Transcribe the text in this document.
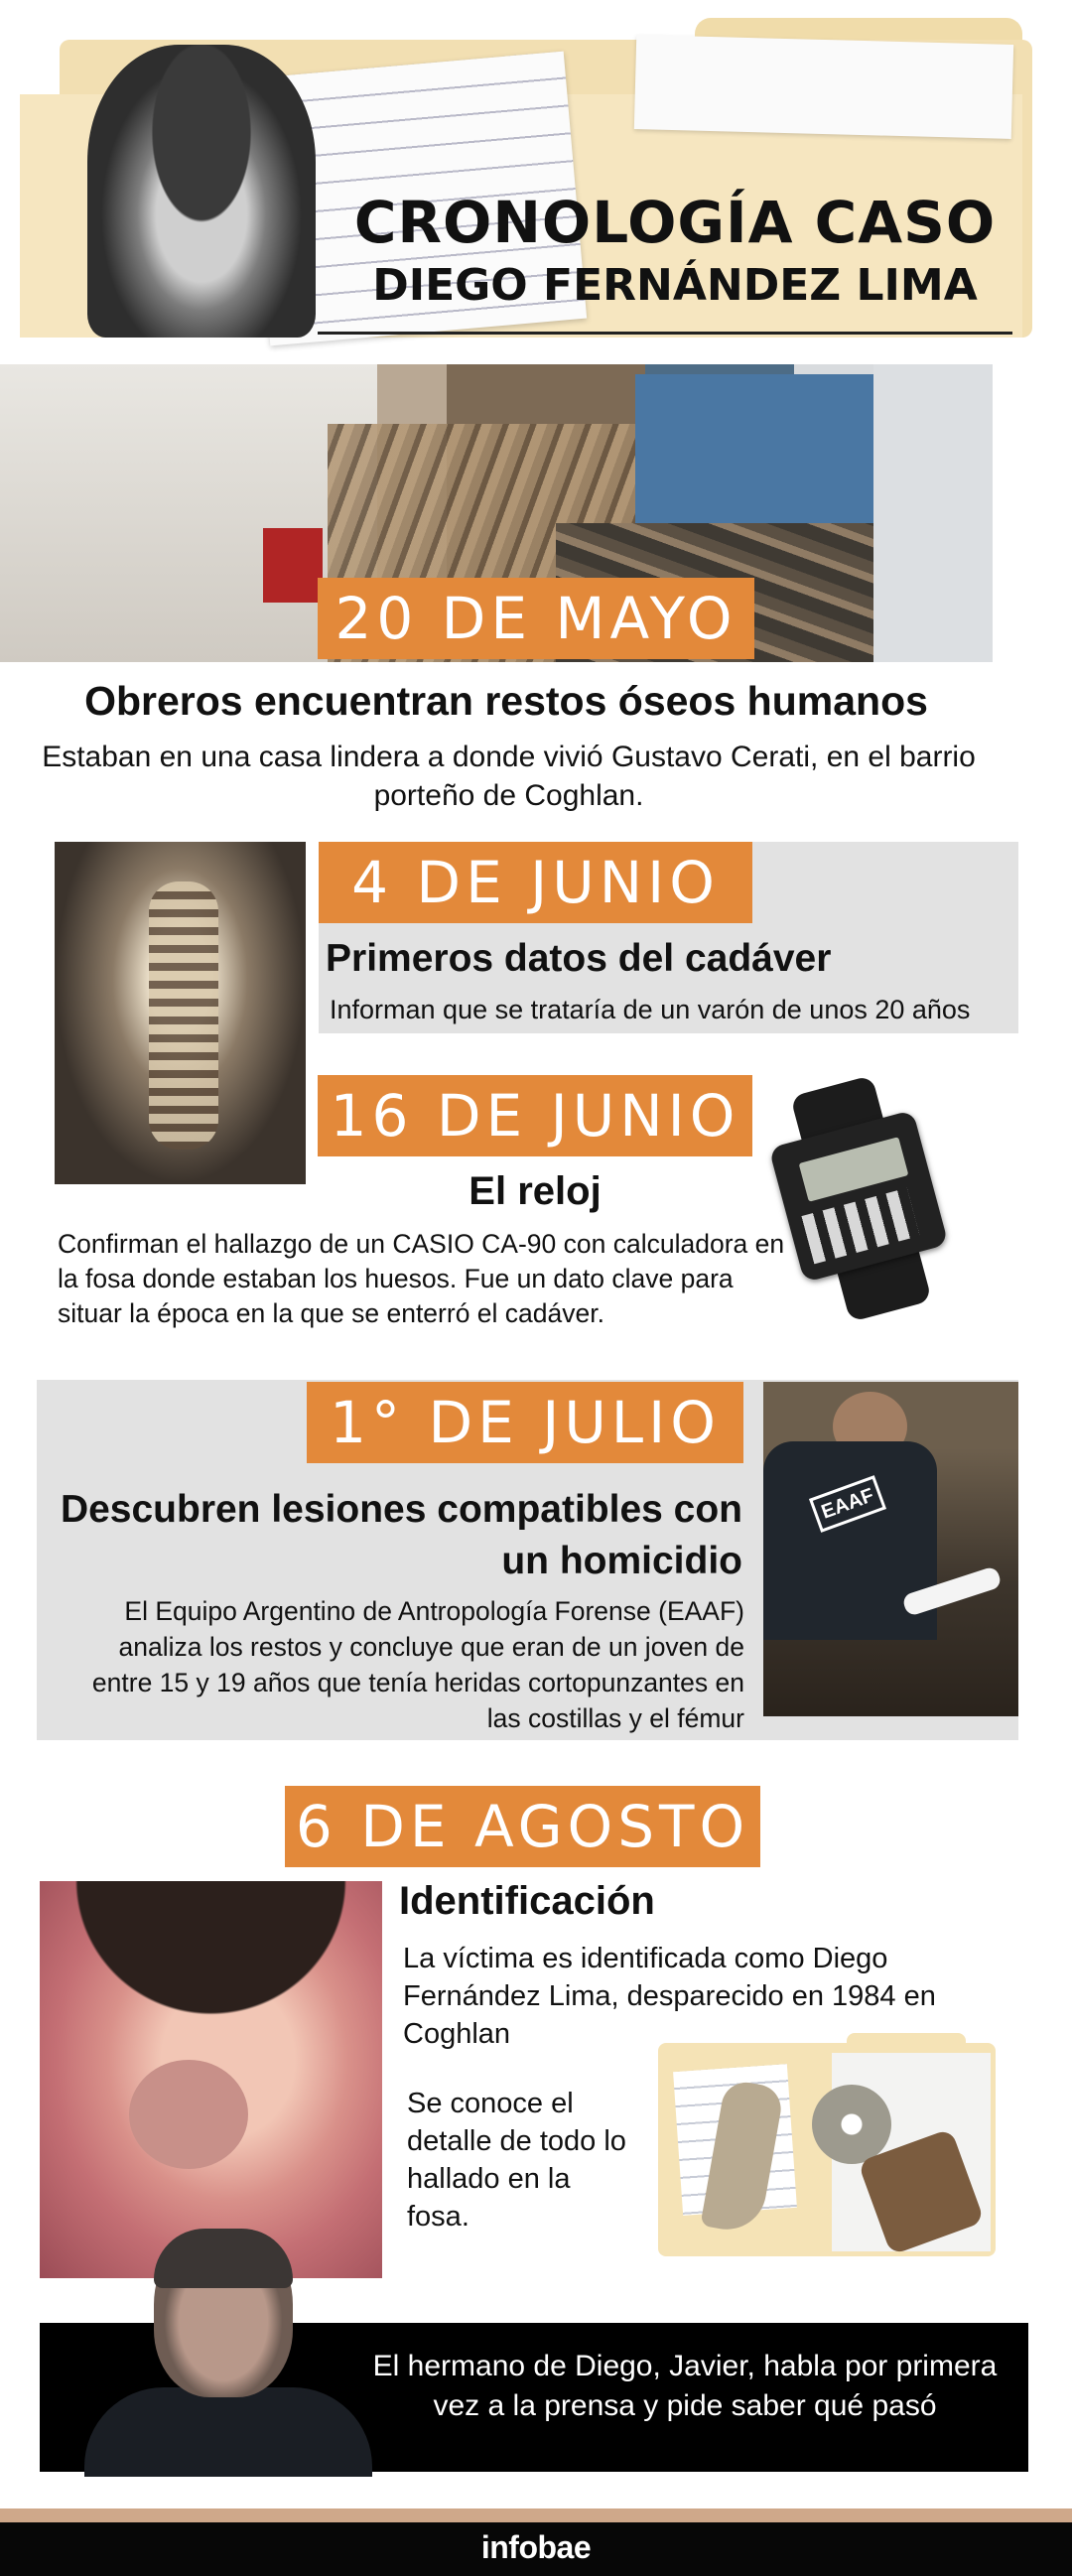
CRONOLOGÍA CASO
DIEGO FERNÁNDEZ LIMA
20 DE MAYO
Obreros encuentran restos óseos humanos
Estaban en una casa lindera a donde vivió Gustavo Cerati, en el barrio porteño de Coghlan.
4 DE JUNIO
Primeros datos del cadáver
Informan que se trataría de un varón de unos 20 años
16 DE JUNIO
El reloj
Confirman el hallazgo de un CASIO CA-90 con calculadora en la fosa donde estaban los huesos. Fue un dato clave para situar la época en la que se enterró el cadáver.
1° DE JULIO
EAAF
Descubren lesiones compatibles con un homicidio
El Equipo Argentino de Antropología Forense (EAAF) analiza los restos y concluye que eran de un joven de entre 15 y 19 años que tenía heridas cortopunzantes en las costillas y el fémur
6 DE AGOSTO
Identificación
La víctima es identificada como Diego Fernández Lima, desparecido en 1984 en Coghlan
Se conoce el detalle de todo lo hallado en la fosa.
El hermano de Diego, Javier, habla por primera vez a la prensa y pide saber qué pasó
infobae
